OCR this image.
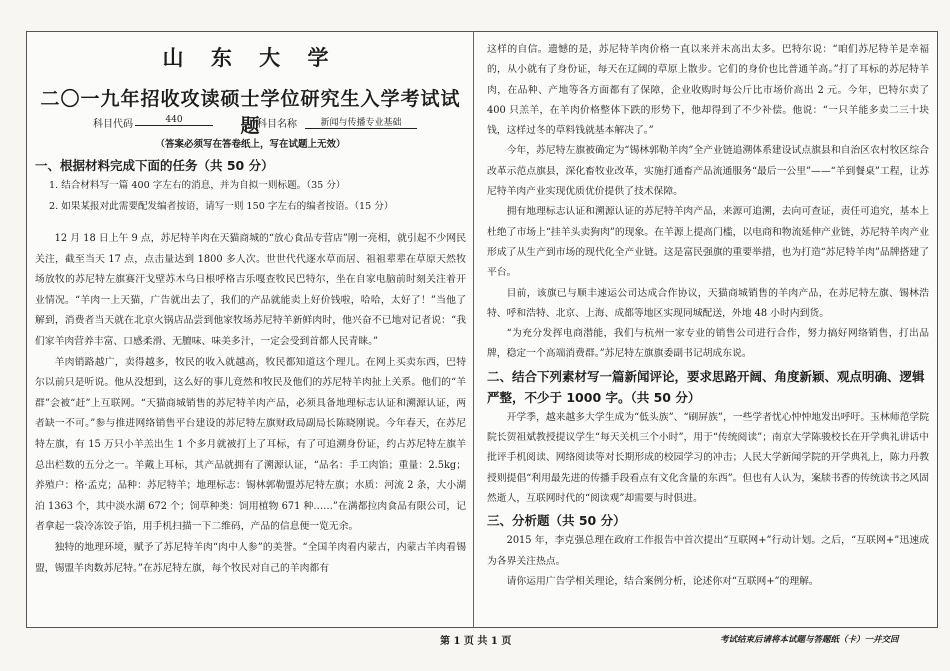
山 东 大 学
二〇一九年招收攻读硕士学位研究生入学考试试题
科目代码	440	科目名称	新闻与传播专业基础
（答案必须写在答卷纸上，写在试题上无效）
一、根据材料完成下面的任务（共 50 分）
1. 结合材料写一篇 400 字左右的消息，并为自拟一则标题。（35 分）
2. 如果某报对此需要配发编者按语，请写一则 150 字左右的编者按语。（15 分）

12 月 18 日上午 9 点，苏尼特羊肉在天猫商城的“放心食品专营店”刚一亮相，就引起不少网民关注，截至当天 17 点，点击量达到 1800 多人次。世世代代逐水草而居、祖祖辈辈在草原天然牧场放牧的苏尼特左旗赛汗戈壁苏木乌日根呼格吉乐嘎查牧民巴特尔，坐在自家电脑前时刻关注着开业情况。“羊肉一上天猫，广告就出去了，我们的产品就能卖上好价钱啦，哈哈，太好了！”当他了解到，消费者当天就在北京火锅店品尝到他家牧场苏尼特羊新鲜肉时，他兴奋不已地对记者说：“我们家羊肉营养丰富、口感柔滑、无膻味、味美多汁，一定会受到首都人民青睐。”

羊肉销路越广，卖得越多，牧民的收入就越高，牧民都知道这个理儿。在网上买卖东西，巴特尔以前只是听说。他从没想到，这么好的事儿竟然和牧民及他们的苏尼特羊肉扯上关系。他们的“羊群”会被“赶”上互联网。“天猫商城销售的苏尼特羊肉产品，必须具备地理标志认证和溯源认证，两者缺一不可。”参与推进网络销售平台建设的苏尼特左旗财政局副局长陈晓刚说。今年春天，在苏尼特左旗，有 15 万只小羊羔出生 1 个多月就被打上了耳标，有了可追溯身份证，约占苏尼特左旗羊总出栏数的五分之一。羊戴上耳标，其产品就拥有了溯源认证，“品名：手工肉馅；重量：2.5kg；养殖户：格·孟克；品种：苏尼特羊；地理标志：锡林郭勒盟苏尼特左旗；水质：河流 2 条，大小湖泊 1363 个，其中淡水湖 672 个；饲草种类：饲用植物 671 种……”在满都拉肉食品有限公司，记者拿起一袋冷冻饺子馅，用手机扫描一下二维码，产品的信息便一览无余。

独特的地理环境，赋予了苏尼特羊肉“肉中人参”的美誉。“全国羊肉看内蒙古，内蒙古羊肉看锡盟，锡盟羊肉数苏尼特。”在苏尼特左旗，每个牧民对自己的羊肉都有

这样的自信。遗憾的是，苏尼特羊肉价格一直以来并未高出太多。巴特尔说：“咱们苏尼特羊是幸福的，从小就有了身份证，每天在辽阔的草原上散步。它们的身价也比普通羊高。”打了耳标的苏尼特羊肉，在品种、产地等各方面都有了保障，企业收购时每公斤比市场价高出 2 元。今年，巴特尔卖了 400 只羔羊，在羊肉价格整体下跌的形势下，他却得到了不少补偿。他说：“一只羊能多卖二三十块钱，这样过冬的草料钱就基本解决了。”

今年，苏尼特左旗被确定为“锡林郭勒羊肉”全产业链追溯体系建设试点旗县和自治区农村牧区综合改革示范点旗县，深化畜牧业改革，实施打通畜产品流通服务“最后一公里”——“羊到餐桌”工程，让苏尼特羊肉产业实现优质优价提供了技术保障。

拥有地理标志认证和溯源认证的苏尼特羊肉产品，来源可追溯，去向可查证，责任可追究，基本上杜绝了市场上“挂羊头卖狗肉”的现象。在羊源上提高门槛，以电商和物流延伸产业链，苏尼特羊肉产业形成了从生产到市场的现代化全产业链。这是富民强旗的重要举措，也为打造“苏尼特羊肉”品牌搭建了平台。

目前，该旗已与顺丰速运公司达成合作协议，天猫商城销售的羊肉产品，在苏尼特左旗、锡林浩特、呼和浩特、北京、上海、成都等地区实现同城配送，外地 48 小时内到货。

“为充分发挥电商潜能，我们与杭州一家专业的销售公司进行合作，努力搞好网络销售，打出品牌，稳定一个高端消费群。”苏尼特左旗旗委副书记胡成东说。

二、结合下列素材写一篇新闻评论，要求思路开阔、角度新颖、观点明确、逻辑严整，不少于 1000 字。（共 50 分）

开学季，越来越多大学生成为“低头族”、“刷屏族”，一些学者忧心忡忡地发出呼吁。玉林师范学院院长贺祖斌教授提议学生“每天关机三个小时”，用于“传统阅读”；南京大学陈骏校长在开学典礼讲话中批评手机阅读、网络阅读等对长期形成的校园学习的冲击；人民大学新闻学院的开学典礼上，陈力丹教授则提倡“利用最先进的传播手段看点有文化含量的东西”。但也有人认为，案牍书香的传统读书之风固然逝人，互联网时代的“阅读观”却需要与时俱进。

三、分析题（共 50 分）

2015 年，李克强总理在政府工作报告中首次提出“互联网+”行动计划。之后，“互联网+”迅速成为各界关注热点。

请你运用广告学相关理论，结合案例分析，论述你对“互联网+”的理解。

第 1 页 共 1 页	考试结束后请将本试题与答题纸（卡）一并交回
